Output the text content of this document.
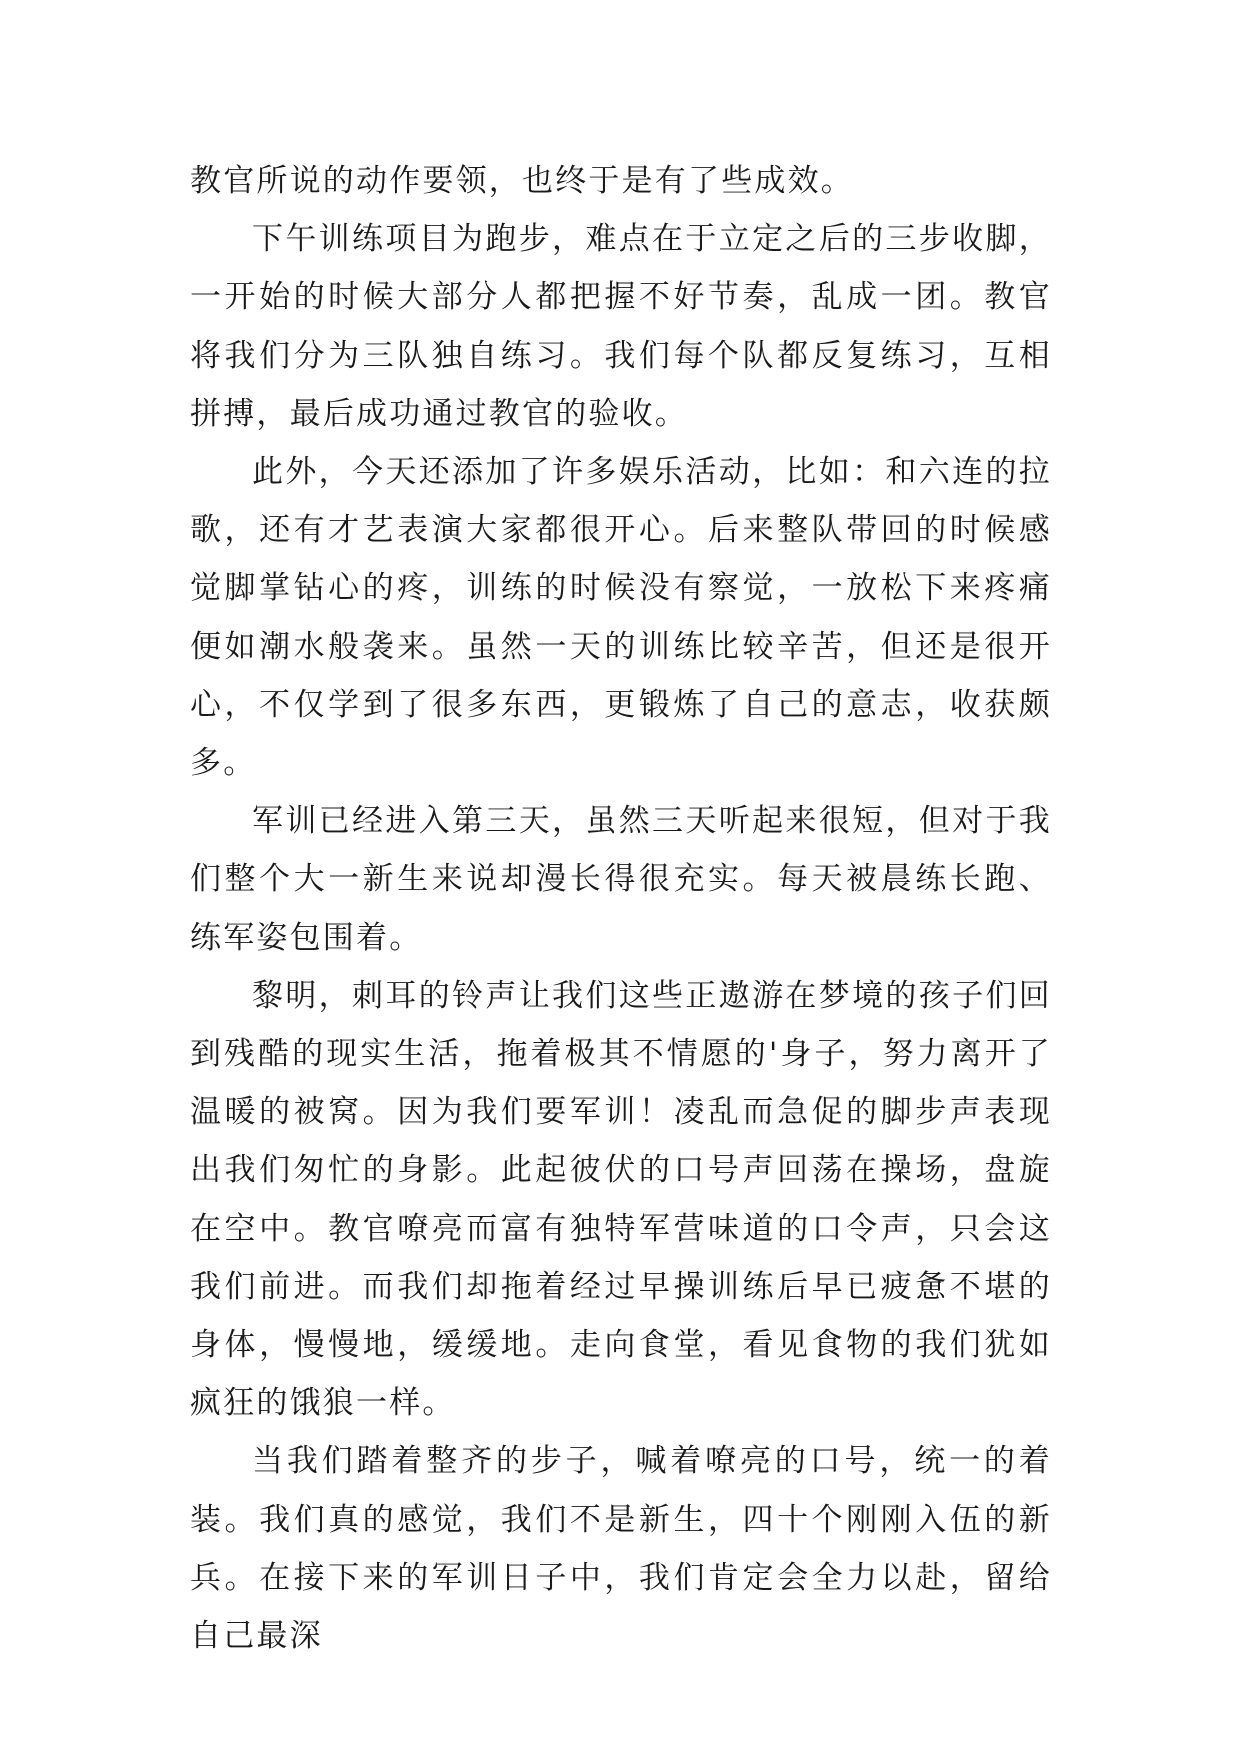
教官所说的动作要领，也终于是有了些成效。

下午训练项目为跑步，难点在于立定之后的三步收脚，一开始的时候大部分人都把握不好节奏，乱成一团。教官将我们分为三队独自练习。我们每个队都反复练习，互相拼搏，最后成功通过教官的验收。

此外，今天还添加了许多娱乐活动，比如：和六连的拉歌，还有才艺表演大家都很开心。后来整队带回的时候感觉脚掌钻心的疼，训练的时候没有察觉，一放松下来疼痛便如潮水般袭来。虽然一天的训练比较辛苦，但还是很开心，不仅学到了很多东西，更锻炼了自己的意志，收获颇多。

军训已经进入第三天，虽然三天听起来很短，但对于我们整个大一新生来说却漫长得很充实。每天被晨练长跑、练军姿包围着。

黎明，刺耳的铃声让我们这些正遨游在梦境的孩子们回到残酷的现实生活，拖着极其不情愿的'身子，努力离开了温暖的被窝。因为我们要军训！凌乱而急促的脚步声表现出我们匆忙的身影。此起彼伏的口号声回荡在操场，盘旋在空中。教官嘹亮而富有独特军营味道的口令声，只会这我们前进。而我们却拖着经过早操训练后早已疲惫不堪的身体，慢慢地，缓缓地。走向食堂，看见食物的我们犹如疯狂的饿狼一样。

当我们踏着整齐的步子，喊着嘹亮的口号，统一的着装。我们真的感觉，我们不是新生，四十个刚刚入伍的新兵。在接下来的军训日子中，我们肯定会全力以赴，留给自己最深
